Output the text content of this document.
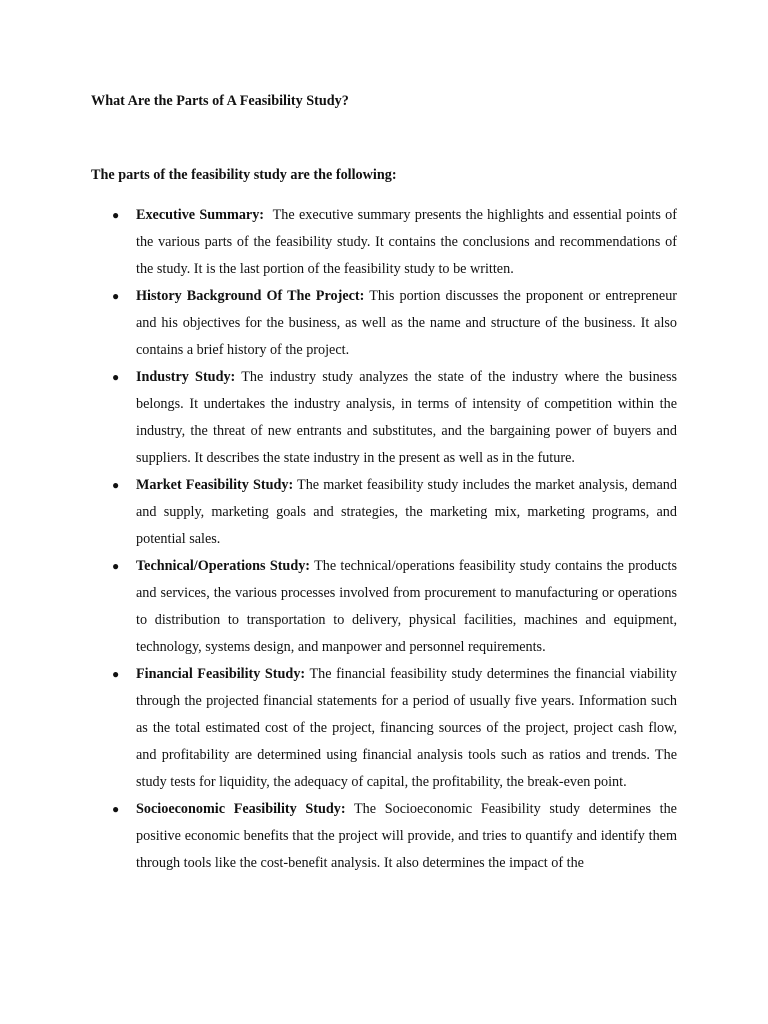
What Are the Parts of A Feasibility Study?

The parts of the feasibility study are the following:

● Executive Summary: The executive summary presents the highlights and essential points of the various parts of the feasibility study. It contains the conclusions and recommendations of the study. It is the last portion of the feasibility study to be written.
● History Background Of The Project: This portion discusses the proponent or entrepreneur and his objectives for the business, as well as the name and structure of the business. It also contains a brief history of the project.
● Industry Study: The industry study analyzes the state of the industry where the business belongs. It undertakes the industry analysis, in terms of intensity of competition within the industry, the threat of new entrants and substitutes, and the bargaining power of buyers and suppliers. It describes the state industry in the present as well as in the future.
● Market Feasibility Study: The market feasibility study includes the market analysis, demand and supply, marketing goals and strategies, the marketing mix, marketing programs, and potential sales.
● Technical/Operations Study: The technical/operations feasibility study contains the products and services, the various processes involved from procurement to manufacturing or operations to distribution to transportation to delivery, physical facilities, machines and equipment, technology, systems design, and manpower and personnel requirements.
● Financial Feasibility Study: The financial feasibility study determines the financial viability through the projected financial statements for a period of usually five years. Information such as the total estimated cost of the project, financing sources of the project, project cash flow, and profitability are determined using financial analysis tools such as ratios and trends. The study tests for liquidity, the adequacy of capital, the profitability, the break-even point.
● Socioeconomic Feasibility Study: The Socioeconomic Feasibility study determines the positive economic benefits that the project will provide, and tries to quantify and identify them through tools like the cost-benefit analysis. It also determines the impact of the
